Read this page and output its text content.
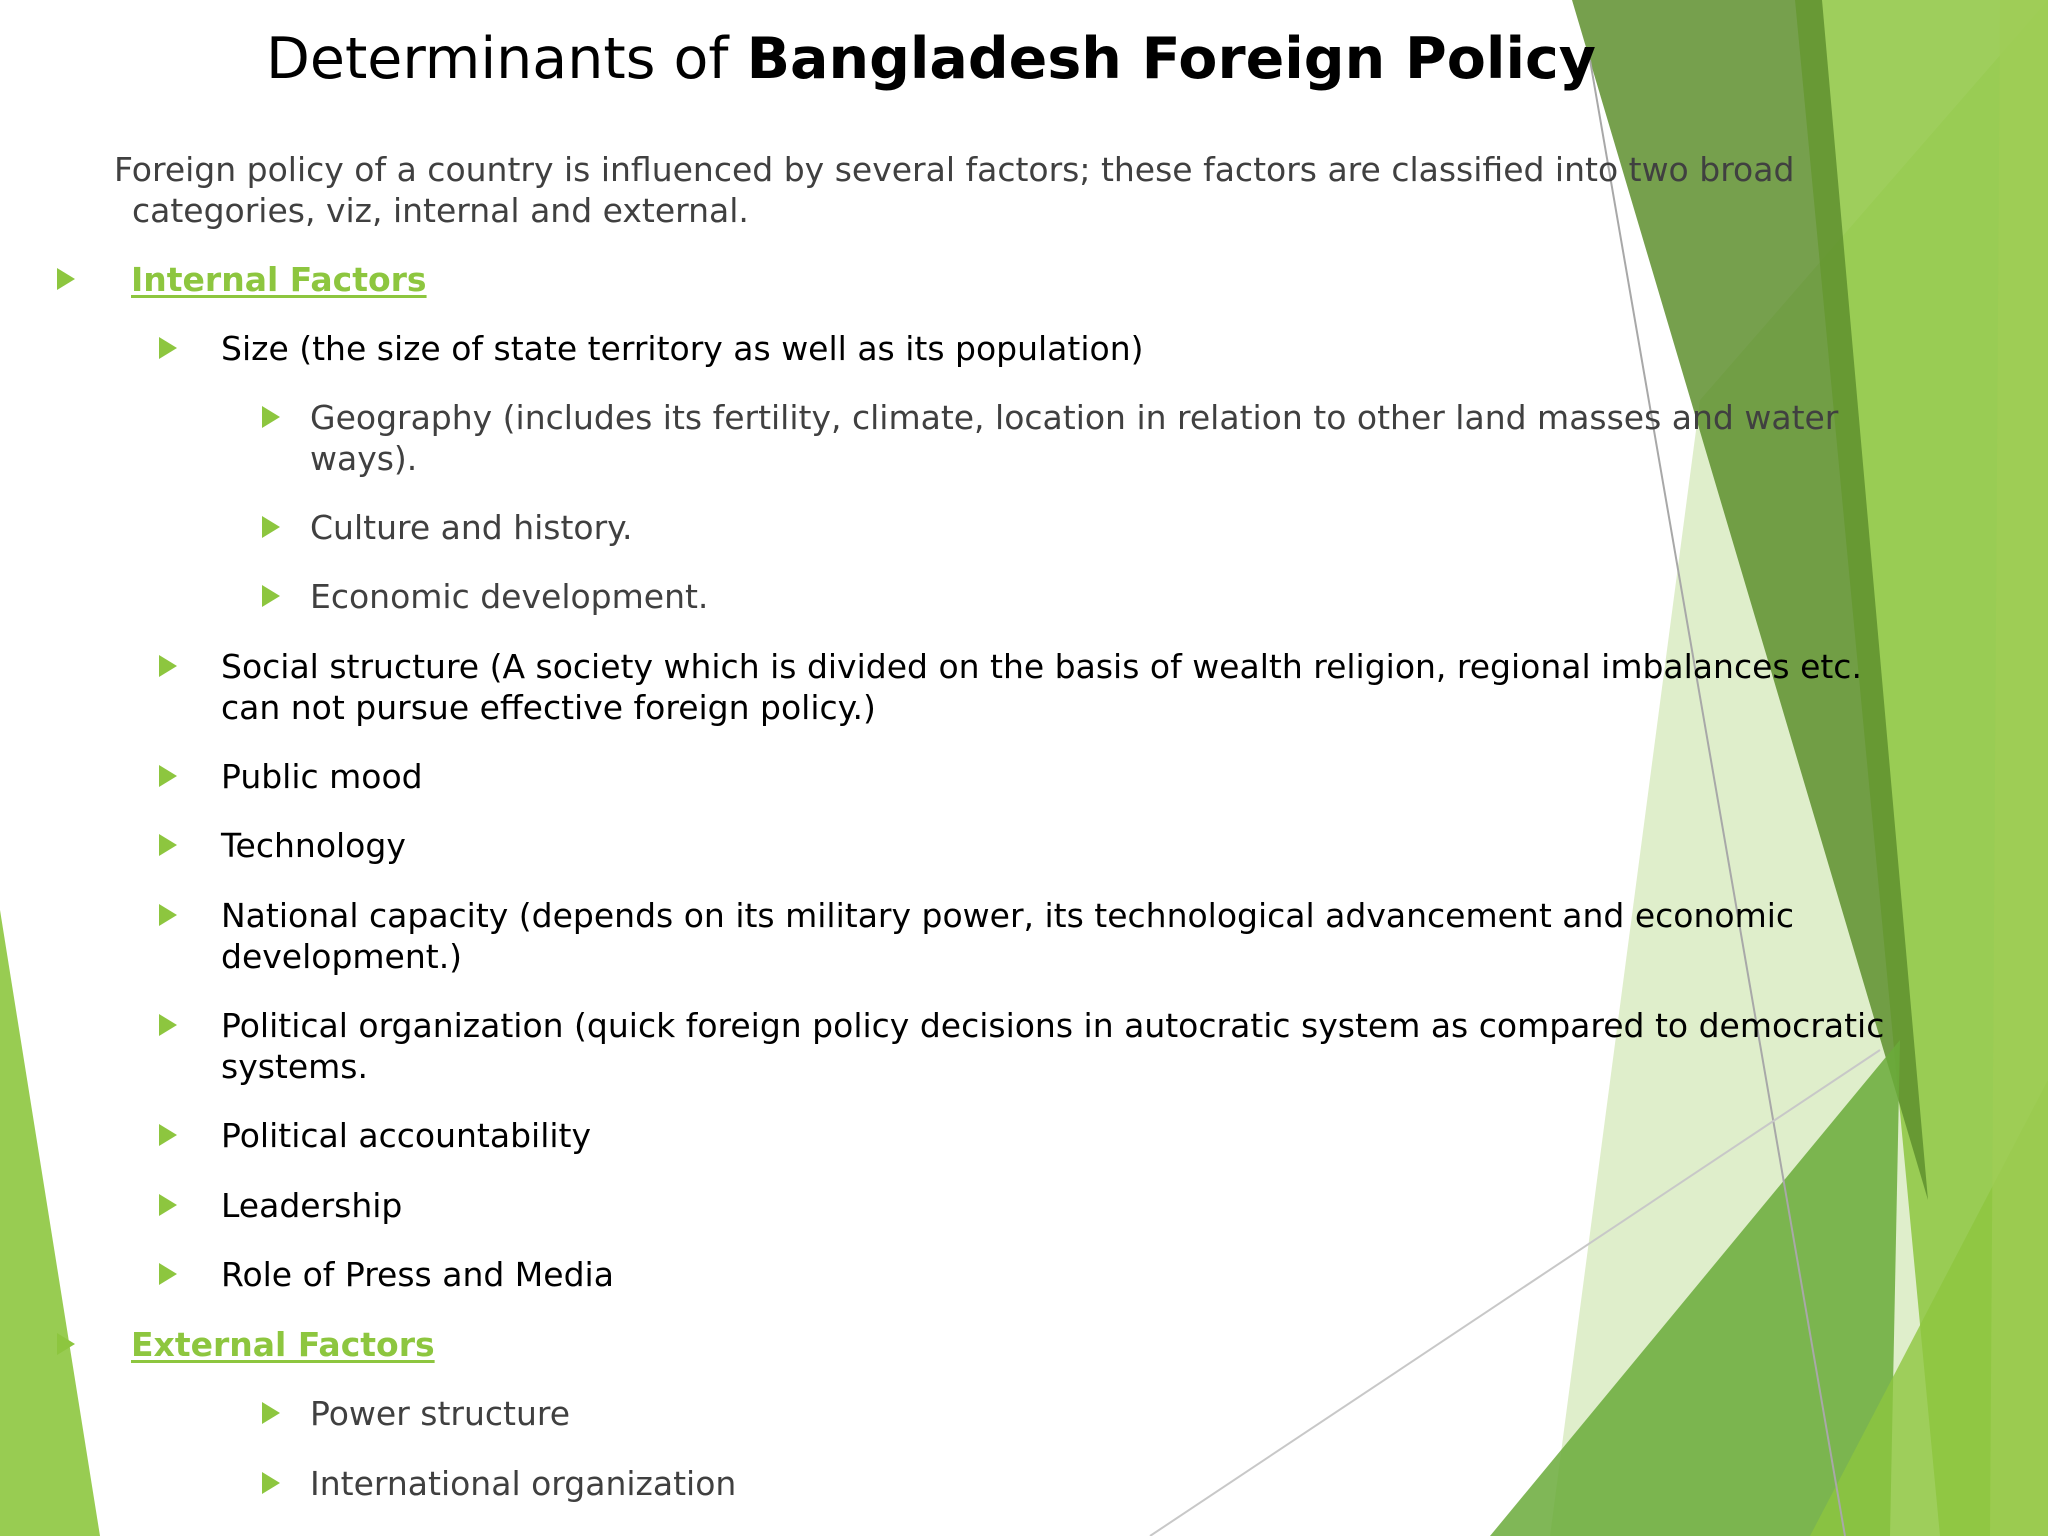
Determinants of Bangladesh Foreign Policy
Foreign policy of a country is influenced by several factors; these factors are classified into two broad
categories, viz, internal and external.
Internal Factors
Size (the size of state territory as well as its population)
Geography (includes its fertility, climate, location in relation to other land masses and water
ways).
Culture and history.
Economic development.
Social structure (A society which is divided on the basis of wealth religion, regional imbalances etc.
can not pursue effective foreign policy.)
Public mood
Technology
National capacity (depends on its military power, its technological advancement and economic
development.)
Political organization (quick foreign policy decisions in autocratic system as compared to democratic
systems.
Political accountability
Leadership
Role of Press and Media
External Factors
Power structure
International organization
